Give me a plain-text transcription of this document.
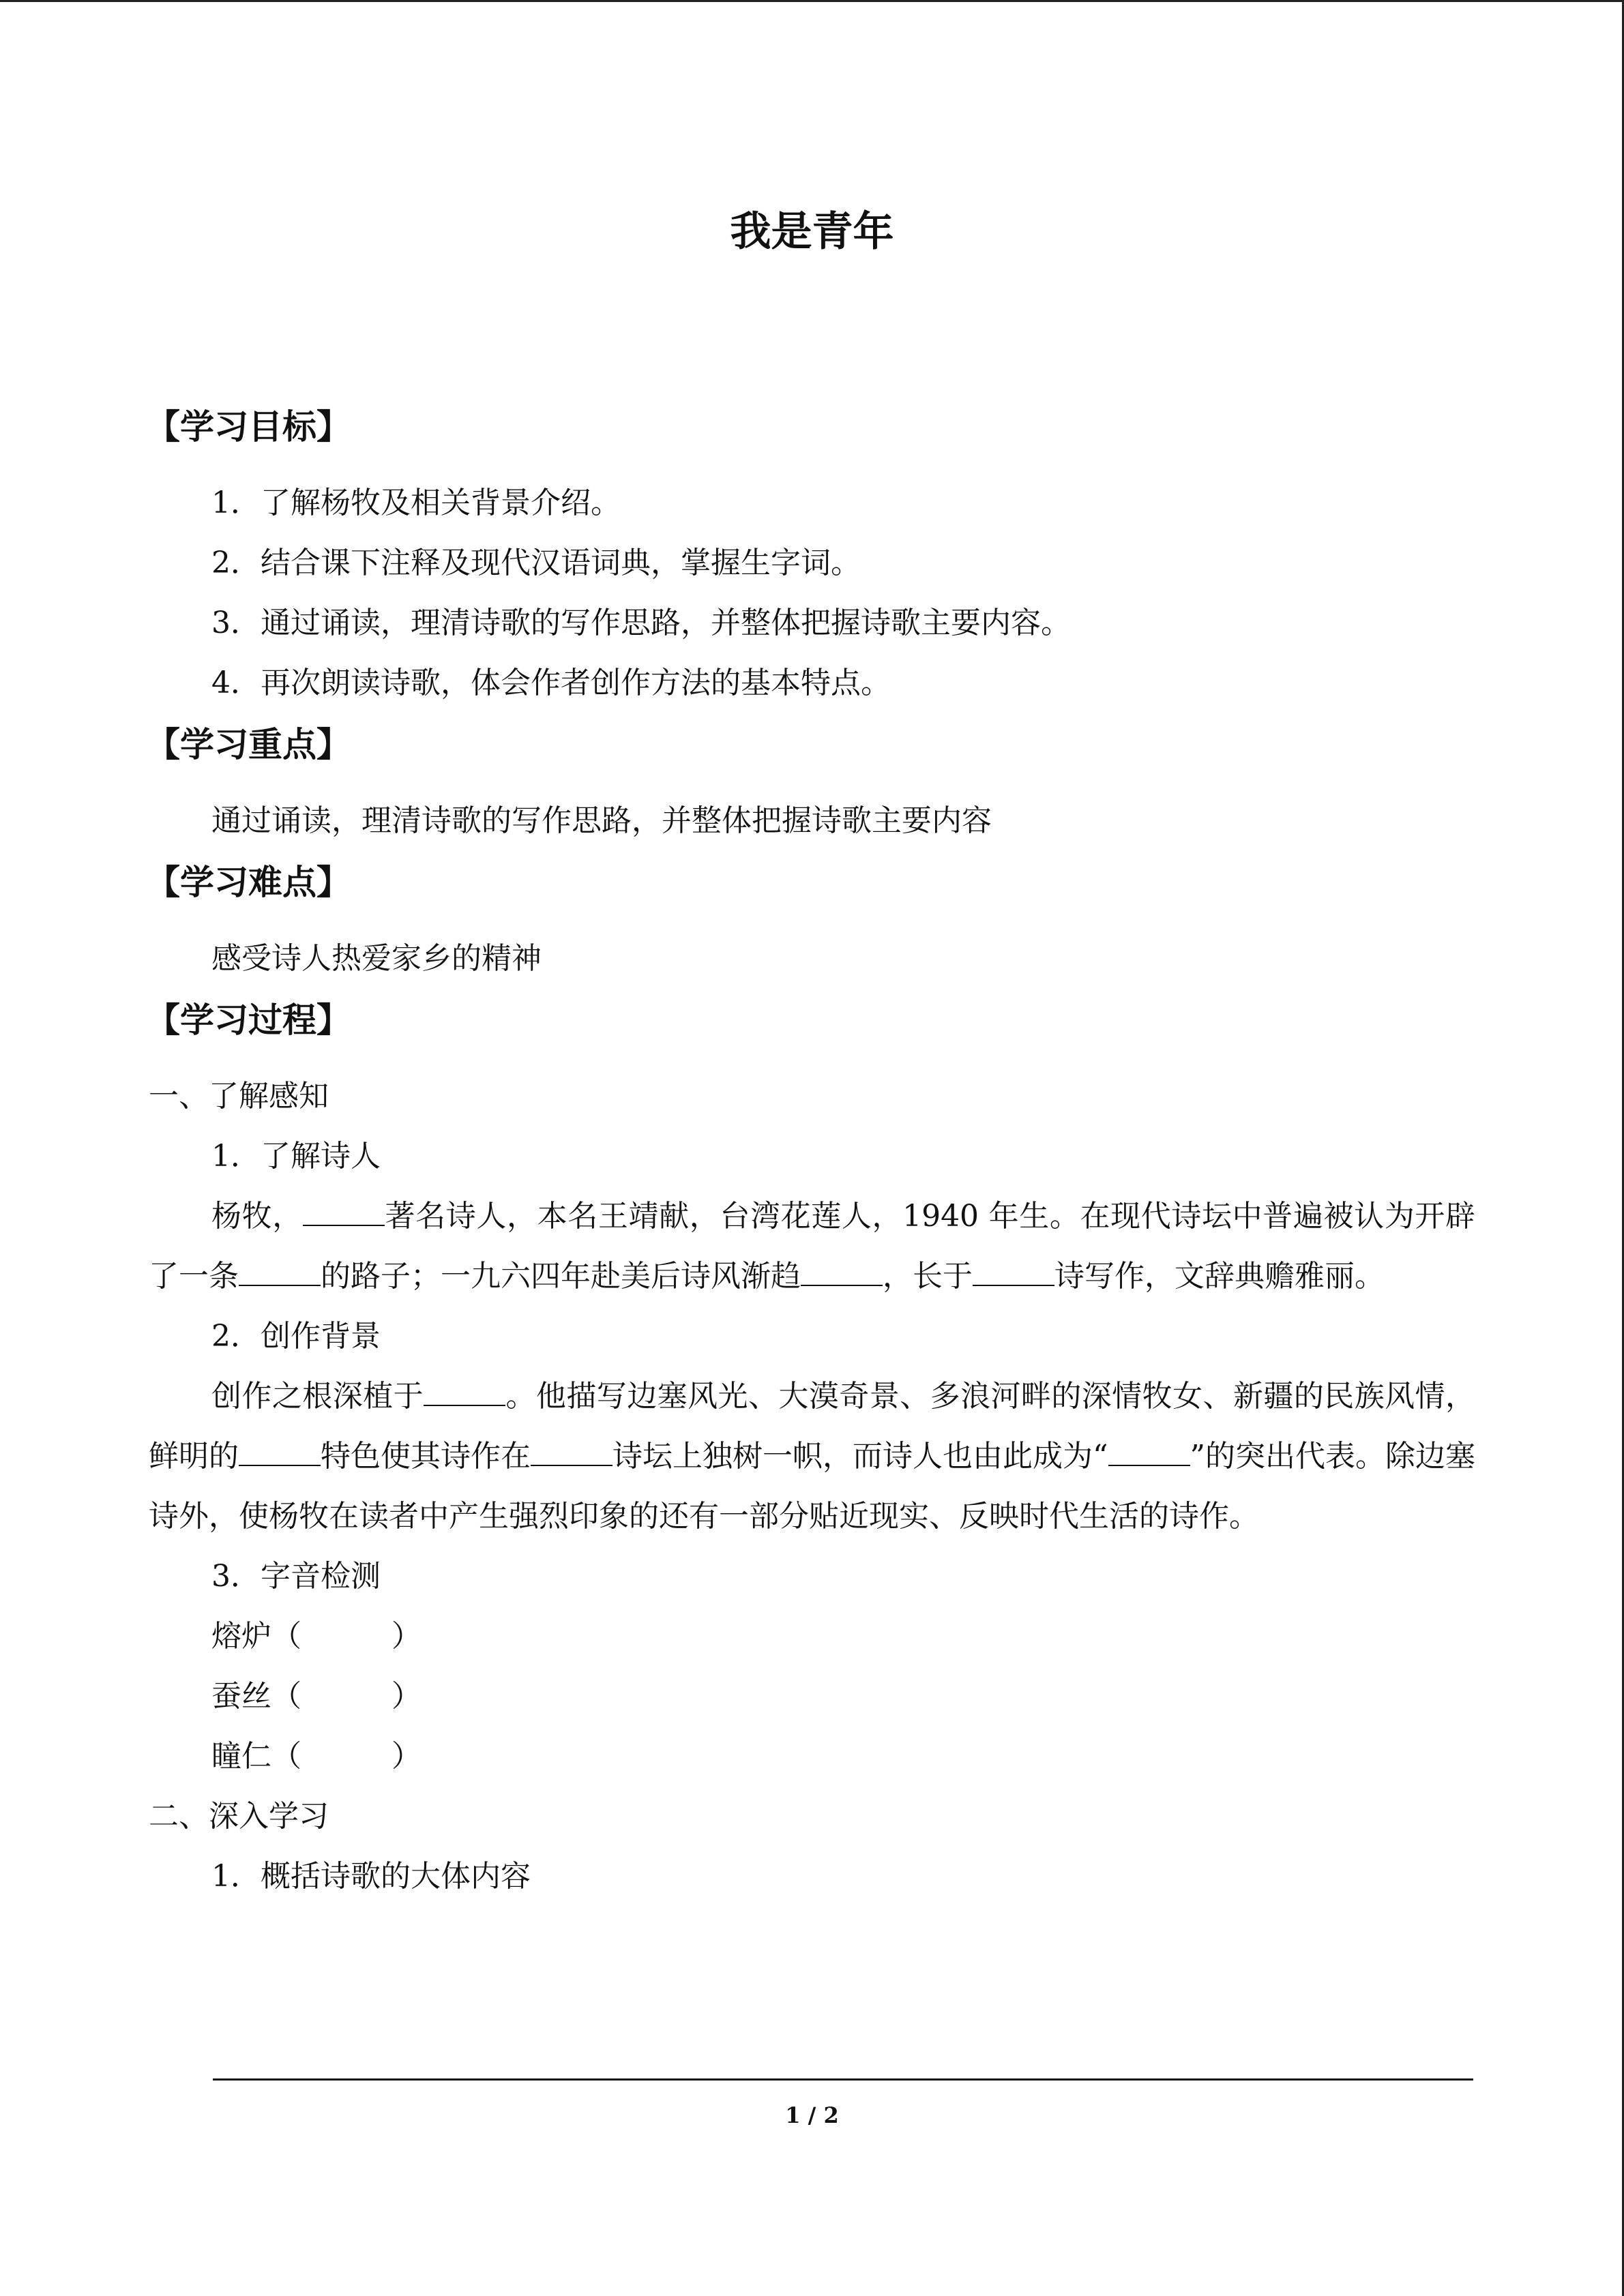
我是青年
【学习目标】
1．了解杨牧及相关背景介绍。
2．结合课下注释及现代汉语词典，掌握生字词。
3．通过诵读，理清诗歌的写作思路，并整体把握诗歌主要内容。
4．再次朗读诗歌，体会作者创作方法的基本特点。
【学习重点】
通过诵读，理清诗歌的写作思路，并整体把握诗歌主要内容
【学习难点】
感受诗人热爱家乡的精神
【学习过程】
一、了解感知
1．了解诗人

杨牧，	著名诗人，本名王靖献，台湾花莲人，1940 年生。在现代诗坛中普遍被认为开辟了一条	的路子；一九六四年赴美后诗风渐趋	，长于	诗写作，文辞典赡雅丽。

2．创作背景

创作之根深植于	。他描写边塞风光、大漠奇景、多浪河畔的深情牧女、新疆的民族风情，鲜明的	特色使其诗作在	诗坛上独树一帜，而诗人也由此成为“	”的突出代表。除边塞诗外，使杨牧在读者中产生强烈印象的还有一部分贴近现实、反映时代生活的诗作。

3．字音检测
熔炉（　　　）
蚕丝（　　　）
瞳仁（　　　）
二、深入学习
1．概括诗歌的大体内容
1 / 2
